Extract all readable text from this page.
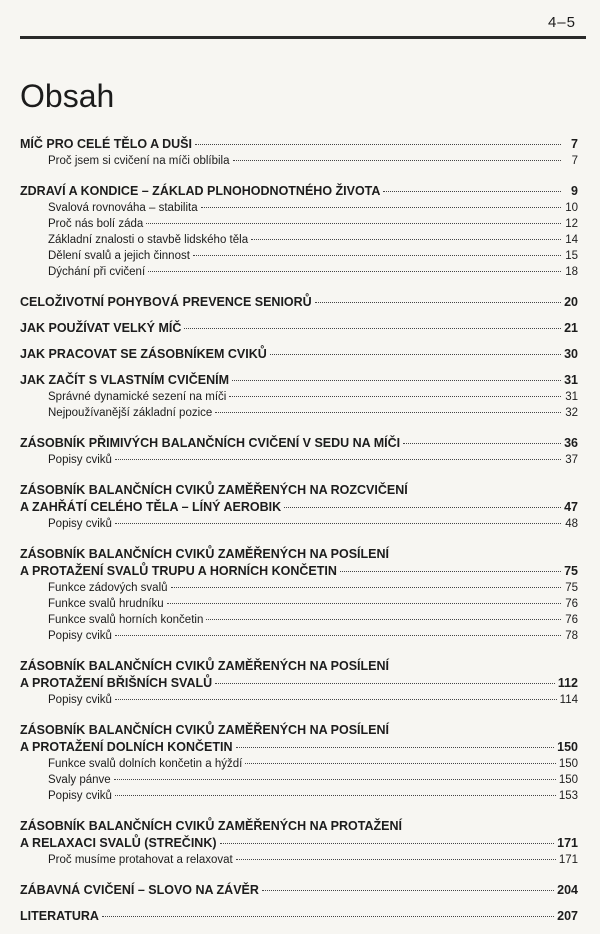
4–5
Obsah
MÍČ PRO CELÉ TĚLO A DUŠI	7
Proč jsem si cvičení na míči oblíbila	7
ZDRAVÍ A KONDICE – ZÁKLAD PLNOHODNOTNÉHO ŽIVOTA	9
Svalová rovnováha – stabilita	10
Proč nás bolí záda	12
Základní znalosti o stavbě lidského těla	14
Dělení svalů a jejich činnost	15
Dýchání při cvičení	18
CELOŽIVOTNÍ POHYBOVÁ PREVENCE SENIORŮ	20
JAK POUŽÍVAT VELKÝ MÍČ	21
JAK PRACOVAT SE ZÁSOBNÍKEM CVIKŮ	30
JAK ZAČÍT S VLASTNÍM CVIČENÍM	31
Správné dynamické sezení na míči	31
Nejpoužívanější základní pozice	32
ZÁSOBNÍK PŘIMIVÝCH BALANČNÍCH CVIČENÍ V SEDU NA MÍČI	36
Popisy cviků	37
ZÁSOBNÍK BALANČNÍCH CVIKŮ ZAMĚŘENÝCH NA ROZCVIČENÍ
A ZAHŘÁTÍ CELÉHO TĚLA – LÍNÝ AEROBIK	47
Popisy cviků	48
ZÁSOBNÍK BALANČNÍCH CVIKŮ ZAMĚŘENÝCH NA POSÍLENÍ
A PROTAŽENÍ SVALŮ TRUPU A HORNÍCH KONČETIN	75
Funkce zádových svalů	75
Funkce svalů hrudníku	76
Funkce svalů horních končetin	76
Popisy cviků	78
ZÁSOBNÍK BALANČNÍCH CVIKŮ ZAMĚŘENÝCH NA POSÍLENÍ
A PROTAŽENÍ BŘIŠNÍCH SVALŮ	112
Popisy cviků	114
ZÁSOBNÍK BALANČNÍCH CVIKŮ ZAMĚŘENÝCH NA POSÍLENÍ
A PROTAŽENÍ DOLNÍCH KONČETIN	150
Funkce svalů dolních končetin a hýždí	150
Svaly pánve	150
Popisy cviků	153
ZÁSOBNÍK BALANČNÍCH CVIKŮ ZAMĚŘENÝCH NA PROTAŽENÍ
A RELAXACI SVALŮ (STREČINK)	171
Proč musíme protahovat a relaxovat	171
ZÁBAVNÁ CVIČENÍ – SLOVO NA ZÁVĚR	204
LITERATURA	207
